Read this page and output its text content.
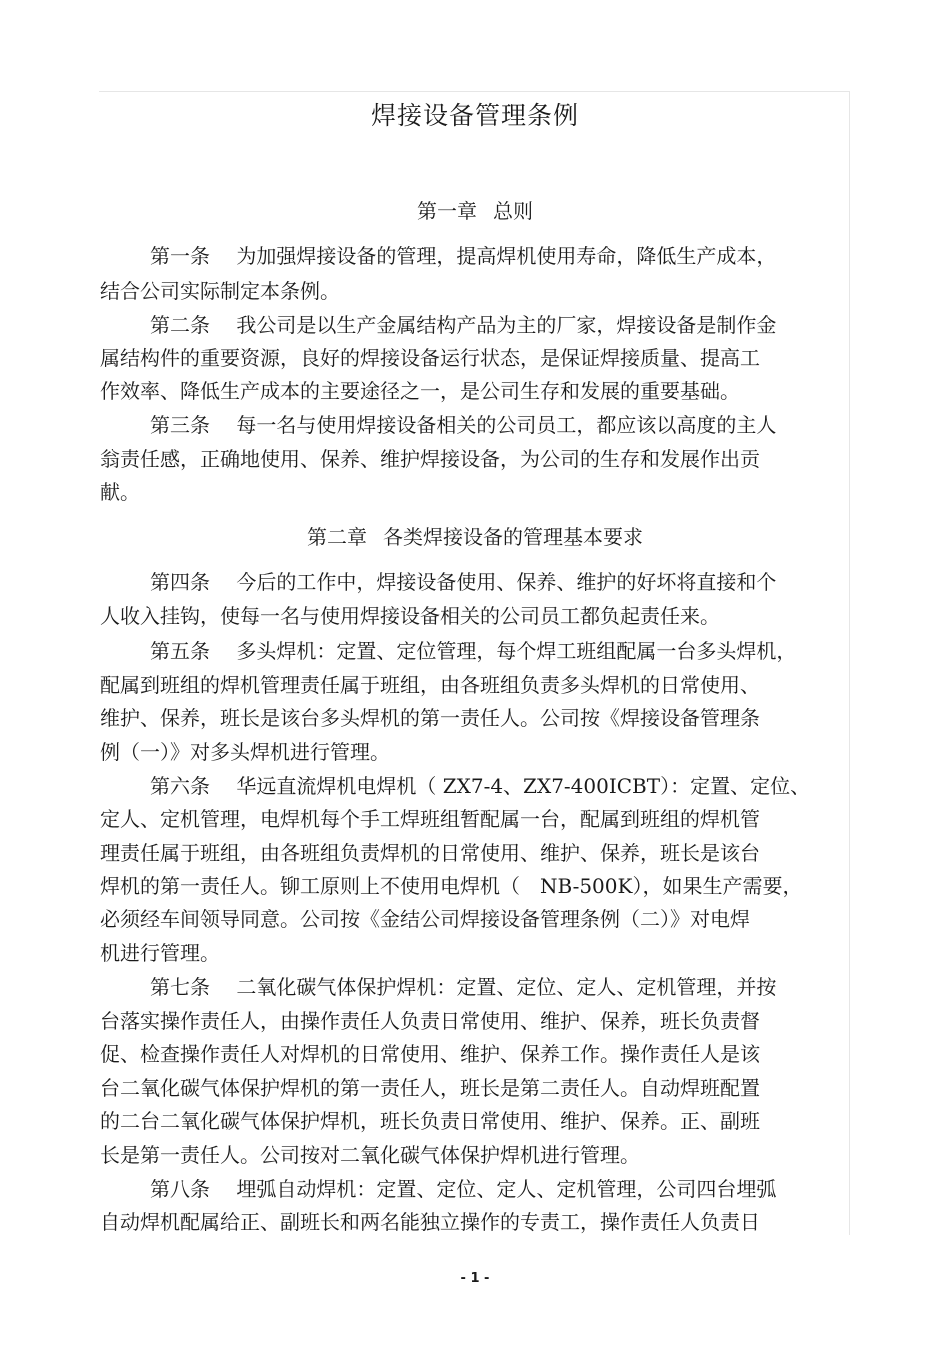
焊接设备管理条例
第一章 总则
第一条　 为加强焊接设备的管理，提高焊机使用寿命，降低生产成本，
结合公司实际制定本条例。
第二条　 我公司是以生产金属结构产品为主的厂家，焊接设备是制作金
属结构件的重要资源，良好的焊接设备运行状态，是保证焊接质量、提高工
作效率、降低生产成本的主要途径之一，是公司生存和发展的重要基础。
第三条　 每一名与使用焊接设备相关的公司员工，都应该以高度的主人
翁责任感，正确地使用、保养、维护焊接设备，为公司的生存和发展作出贡
献。
第二章 各类焊接设备的管理基本要求
第四条　 今后的工作中，焊接设备使用、保养、维护的好坏将直接和个
人收入挂钩，使每一名与使用焊接设备相关的公司员工都负起责任来。
第五条　 多头焊机：定置、定位管理，每个焊工班组配属一台多头焊机，
配属到班组的焊机管理责任属于班组，由各班组负责多头焊机的日常使用、
维护、保养，班长是该台多头焊机的第一责任人。公司按《焊接设备管理条
例（一）》对多头焊机进行管理。
第六条　 华远直流焊机电焊机（ ZX7-4、ZX7-400ICBT）：定置、定位、
定人、定机管理，电焊机每个手工焊班组暂配属一台，配属到班组的焊机管
理责任属于班组，由各班组负责焊机的日常使用、维护、保养，班长是该台
焊机的第一责任人。铆工原则上不使用电焊机（　NB-500K），如果生产需要，
必须经车间领导同意。公司按《金结公司焊接设备管理条例（二）》对电焊
机进行管理。
第七条　 二氧化碳气体保护焊机：定置、定位、定人、定机管理，并按
台落实操作责任人，由操作责任人负责日常使用、维护、保养，班长负责督
促、检查操作责任人对焊机的日常使用、维护、保养工作。操作责任人是该
台二氧化碳气体保护焊机的第一责任人，班长是第二责任人。自动焊班配置
的二台二氧化碳气体保护焊机，班长负责日常使用、维护、保养。正、副班
长是第一责任人。公司按对二氧化碳气体保护焊机进行管理。
第八条　 埋弧自动焊机：定置、定位、定人、定机管理，公司四台埋弧
自动焊机配属给正、副班长和两名能独立操作的专责工，操作责任人负责日
- 1 -
